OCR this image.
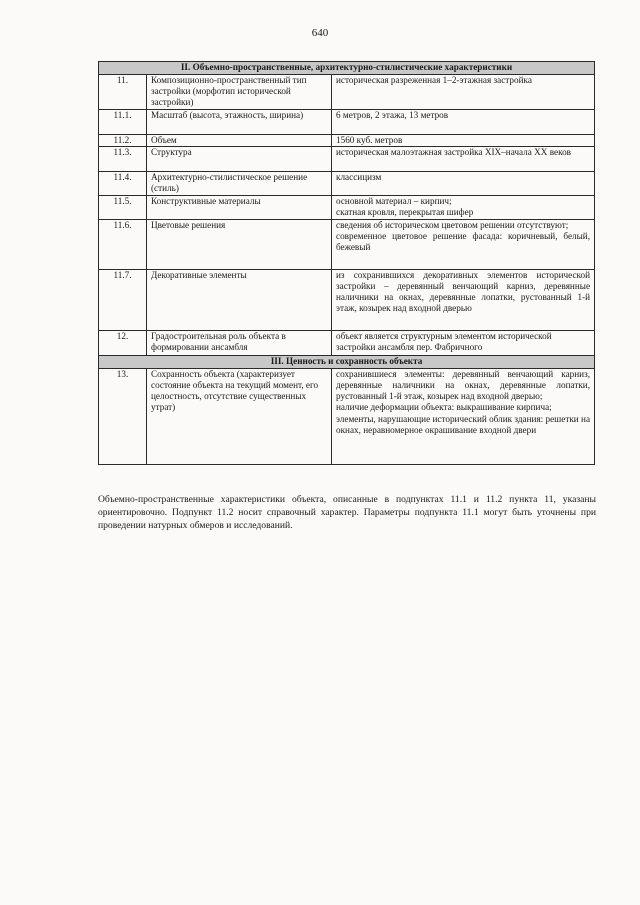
640
II. Объемно-пространственные, архитектурно-стилистические характеристики		
11.	Композиционно-пространственный тип застройки (морфотип исторической застройки)	историческая разреженная 1–2-этажная застройка
11.1.	Масштаб (высота, этажность, ширина)	6 метров, 2 этажа, 13 метров
11.2.	Объем	1560 куб. метров
11.3.	Структура	историческая малоэтажная застройка XIX–начала XX веков
11.4.	Архитектурно-стилистическое решение (стиль)	классицизм
11.5.	Конструктивные материалы	основной материал – кирпич;
скатная кровля, перекрытая шифер

11.6.	Цветовые решения	сведения об историческом цветовом решении отсутствуют;
современное цветовое решение фасада: коричневый, белый, бежевый

11.7.	Декоративные элементы	из сохранившихся декоративных элементов исторической застройки – деревянный венчающий карниз, деревянные наличники на окнах, деревянные лопатки, рустованный 1-й этаж, козырек над входной дверью
12.	Градостроительная роль объекта в формировании ансамбля	объект является структурным элементом исторической застройки ансамбля пер. Фабричного
III. Ценность и сохранность объекта		
13.	Сохранность объекта (характеризует состояние объекта на текущий момент, его целостность, отсутствие существенных утрат)	сохранившиеся элементы: деревянный венчающий карниз, деревянные наличники на окнах, деревянные лопатки, рустованный 1-й этаж, козырек над входной дверью;
наличие деформации объекта: выкрашивание кирпича;
элементы, нарушающие исторический облик здания: решетки на окнах, неравномерное окрашивание входной двери
Объемно-пространственные характеристики объекта, описанные в подпунктах 11.1 и 11.2 пункта 11, указаны ориентировочно. Подпункт 11.2 носит справочный характер. Параметры подпункта 11.1 могут быть уточнены при проведении натурных обмеров и исследований.
